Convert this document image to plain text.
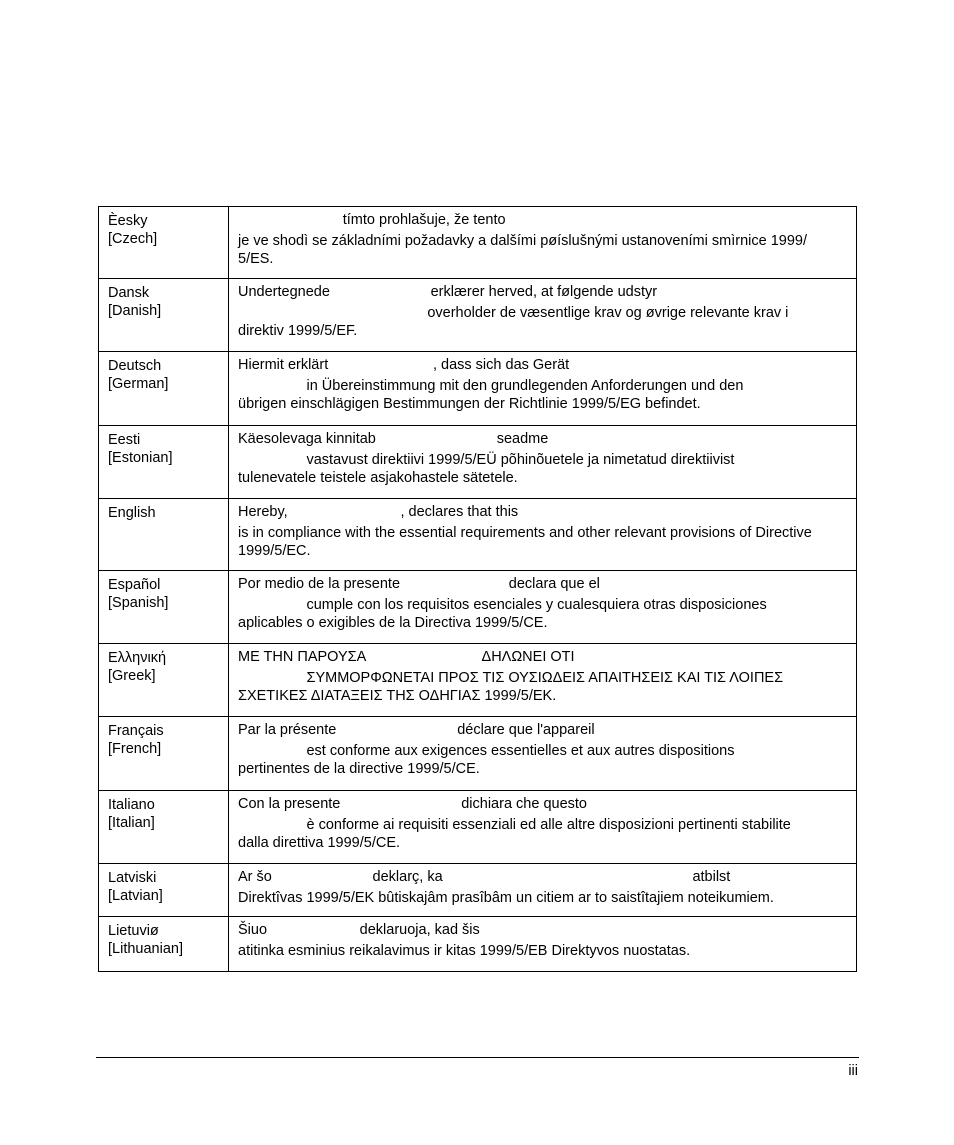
Èesky
[Czech]	tímto prohlašuje, že tento
je ve shodì se základními požadavky a dalšími pøíslušnými ustanoveními smìrnice 1999/
5/ES.

Dansk
[Danish]	Undertegnede                         erklærer herved, at følgende udstyr
overholder de væsentlige krav og øvrige relevante krav i
direktiv 1999/5/EF.

Deutsch
[German]	Hiermit erklärt                          , dass sich das Gerät
in Übereinstimmung mit den grundlegenden Anforderungen und den
übrigen einschlägigen Bestimmungen der Richtlinie 1999/5/EG befindet.

Eesti
[Estonian]	Käesolevaga kinnitab                              seadme
vastavust direktiivi 1999/5/EÜ põhinõuetele ja nimetatud direktiivist
tulenevatele teistele asjakohastele sätetele.

English	Hereby,                            , declares that this
is in compliance with the essential requirements and other relevant provisions of Directive
1999/5/EC.

Español
[Spanish]	Por medio de la presente                           declara que el
cumple con los requisitos esenciales y cualesquiera otras disposiciones
aplicables o exigibles de la Directiva 1999/5/CE.

Ελληνική
[Greek]	ΜΕ ΤΗΝ ΠΑΡΟΥΣΑ                             ΔΗΛΩΝΕΙ ΟΤΙ
ΣΥΜΜΟΡΦΩΝΕΤΑΙ ΠΡΟΣ ΤΙΣ ΟΥΣΙΩΔΕΙΣ ΑΠΑΙΤΗΣΕΙΣ ΚΑΙ ΤΙΣ ΛΟΙΠΕΣ
ΣΧΕΤΙΚΕΣ ΔΙΑΤΑΞΕΙΣ ΤΗΣ ΟΔΗΓΙΑΣ 1999/5/ΕΚ.

Français
[French]	Par la présente                              déclare que l'appareil
est conforme aux exigences essentielles et aux autres dispositions
pertinentes de la directive 1999/5/CE.

Italiano
[Italian]	Con la presente                              dichiara che questo
è conforme ai requisiti essenziali ed alle altre disposizioni pertinenti stabilite
dalla direttiva 1999/5/CE.

Latviski
[Latvian]	Ar šo                         deklarç, ka                                                              atbilst
Direktîvas 1999/5/EK bûtiskajâm prasîbâm un citiem ar to saistîtajiem noteikumiem.

Lietuviø
[Lithuanian]	Šiuo                       deklaruoja, kad šis
atitinka esminius reikalavimus ir kitas 1999/5/EB Direktyvos nuostatas.
iii
